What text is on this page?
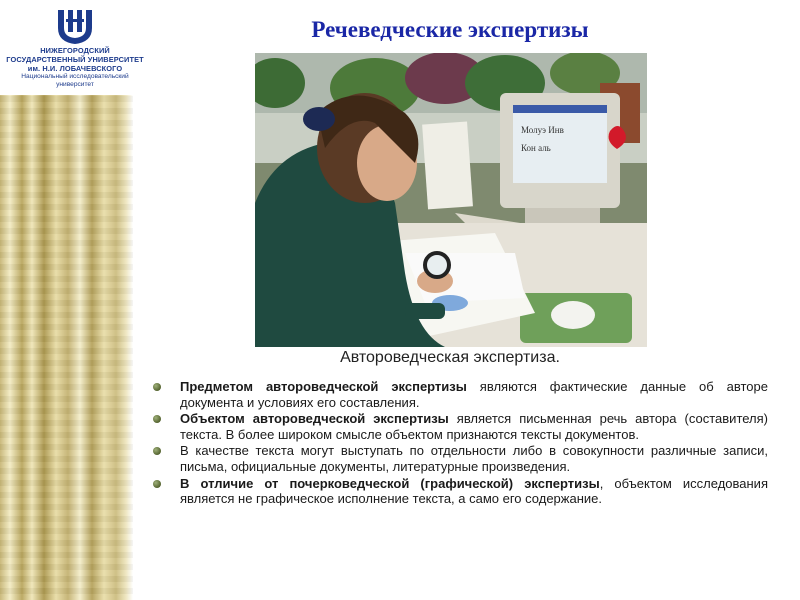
НИЖЕГОРОДСКИЙ
ГОСУДАРСТВЕННЫЙ УНИВЕРСИТЕТ
им. Н.И. ЛОБАЧЕВСКОГО
Национальный исследовательский
университет
Речеведческие экспертизы
Молуэ Инв
Кон аль
Автороведческая экспертиза.
Предметом автороведческой экспертизы являются фактические данные об авторе документа и условиях его составления.
Объектом автороведческой экспертизы является письменная речь автора (составителя) текста. В более широком смысле объектом признаются тексты документов.
В качестве текста могут выступать по отдельности либо в совокупности различные записи, письма, официальные документы, литературные произведения.
В отличие от почерковедческой (графической) экспертизы, объектом исследования является не графическое исполнение текста, а само его содержание.
